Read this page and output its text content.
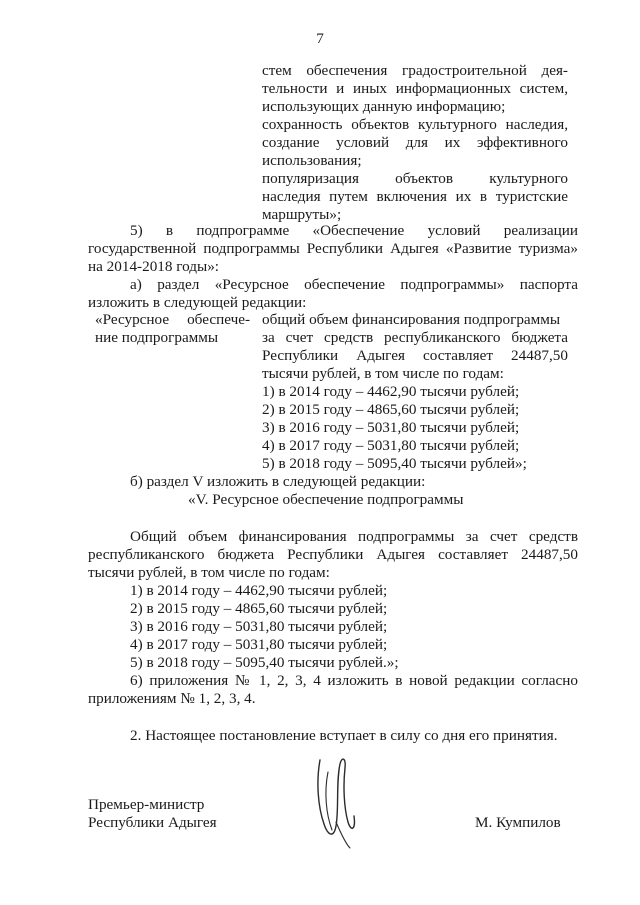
7
стем обеспечения градостроительной дея-
тельности и иных информационных систем,
использующих данную информацию;
сохранность объектов культурного наследия,
создание условий для их эффективного
использования;
популяризация объектов культурного
наследия путем включения их в туристские
маршруты»;
5) в подпрограмме «Обеспечение условий реализации
государственной подпрограммы Республики Адыгея «Развитие туризма»
на 2014-2018 годы»:
а) раздел «Ресурсное обеспечение подпрограммы» паспорта
изложить в следующей редакции:
«Ресурсное обеспече-
ние подпрограммы
общий объем финансирования подпрограммы
за счет средств республиканского бюджета
Республики Адыгея составляет 24487,50
тысячи рублей, в том числе по годам:
1) в 2014 году – 4462,90 тысячи рублей;
2) в 2015 году – 4865,60 тысячи рублей;
3) в 2016 году – 5031,80 тысячи рублей;
4) в 2017 году – 5031,80 тысячи рублей;
5) в 2018 году – 5095,40 тысячи рублей»;
б) раздел V изложить в следующей редакции:
«V. Ресурсное обеспечение подпрограммы
Общий объем финансирования подпрограммы за счет средств
республиканского бюджета Республики Адыгея составляет 24487,50
тысячи рублей, в том числе по годам:
1) в 2014 году – 4462,90 тысячи рублей;
2) в 2015 году – 4865,60 тысячи рублей;
3) в 2016 году – 5031,80 тысячи рублей;
4) в 2017 году – 5031,80 тысячи рублей;
5) в 2018 году – 5095,40 тысячи рублей.»;
6) приложения № 1, 2, 3, 4 изложить в новой редакции согласно
приложениям № 1, 2, 3, 4.
2. Настоящее постановление вступает в силу со дня его принятия.
Премьер-министр
Республики Адыгея	М. Кумпилов
